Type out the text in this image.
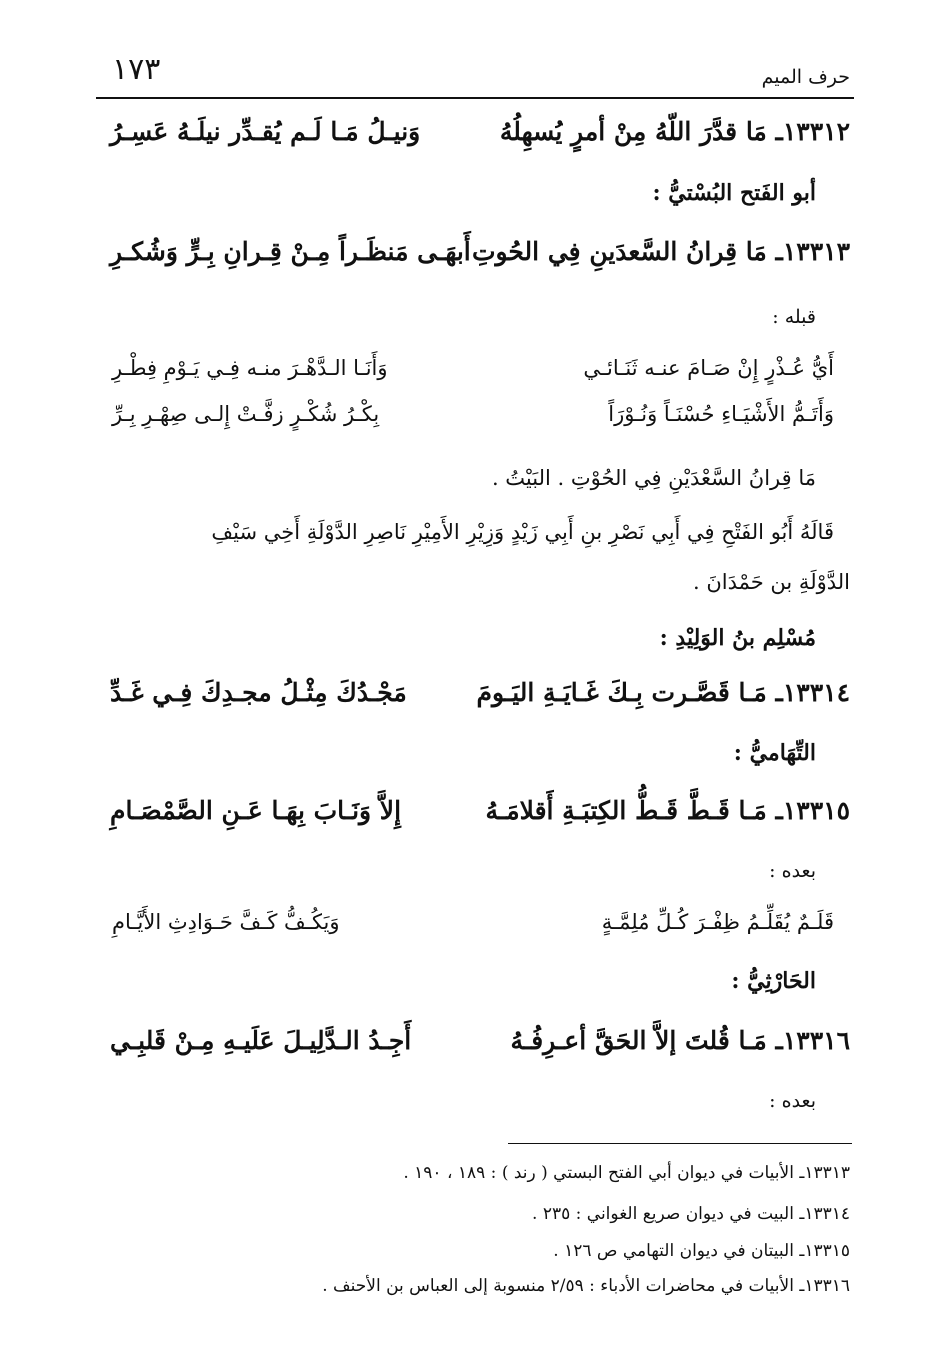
١٧٣	حرف الميم
١٣٣١٢ـ مَا قدَّرَ اللّهُ مِنْ أمرٍ يُسهِلُهُ
وَنيـلُ مَـا لَـم يُقـدِّر نيلَـهُ عَسِـرُ
أبو الفَتح البُسْتيُّ :
١٣٣١٣ـ مَا قِرانُ السَّعدَينِ فِي الحُوتِ
أَبهَـى مَنظَـراً مِـنْ قِـرانِ بِـرٍّ وَشُكـرِ
قبله :
أَيُّ عُـذْرٍ إِنْ صَـامَ عنـه ثَنَـائـي
وَأَنَـا الـدَّهْـرَ منـه فِـي يَـوْمِ فِطْـرِ
وَأَتَـمُّ الأَشْيَـاءِ حُسْنَـاً وَنُـوْرَاً
بِكْـرُ شُكْـرٍ زفَّـتْ إِلـى صِهْـرِ بِـرِّ
مَا قِرانُ السَّعْدَيْنِ فِي الحُوْتِ . البَيْتُ .
قَالَهُ أَبُو الفَتْحِ فِي أَبِي نَصْرِ بنِ أَبِي زَيْدٍ وَزِيْرِ الأَمِيْرِ نَاصِرِ الدَّوْلَةِ أَخِي سَيْفِ
الدَّوْلَةِ بن حَمْدَانَ .
مُسْلِم بنُ الوَلِيْدِ :
١٣٣١٤ـ مَـا قَصَّـرت بِـكَ غَـايَـةِ اليَـومَ
مَجْـدُكَ مِثْـلُ مجـدِكَ فِـي غَـدِّ
التِّهَاميُّ :
١٣٣١٥ـ مَـا قَـطَّ قَـطُّ الكِتبَـةِ أَقلامَـهُ
إِلاَّ وَنَـابَ بِهَـا عَـنِ الصَّمْصَـامِ
بعده :
قَلَـمٌ يُقَلِّـمُ ظِفْـرَ كُـلِّ مُلِمَّـةٍ
وَيَكُـفُّ كَـفَّ حَـوَادِثِ الأَيَّـامِ
الحَارْثِيُّ :
١٣٣١٦ـ مَـا قُلتَ إلاَّ الحَقَّ أعـرِفُـهُ
أَجِـدُ الـدَّلِيـلَ عَلَيـهِ مِـنْ قَلبِـي
بعده :
١٣٣١٣ـ الأبيات في ديوان أبي الفتح البستي ( رند ) : ١٨٩ ، ١٩٠ .
١٣٣١٤ـ البيت في ديوان صريع الغواني : ٢٣٥ .
١٣٣١٥ـ البيتان في ديوان التهامي ص ١٢٦ .
١٣٣١٦ـ الأبيات في محاضرات الأدباء : ٢/٥٩ منسوبة إلى العباس بن الأحنف .
